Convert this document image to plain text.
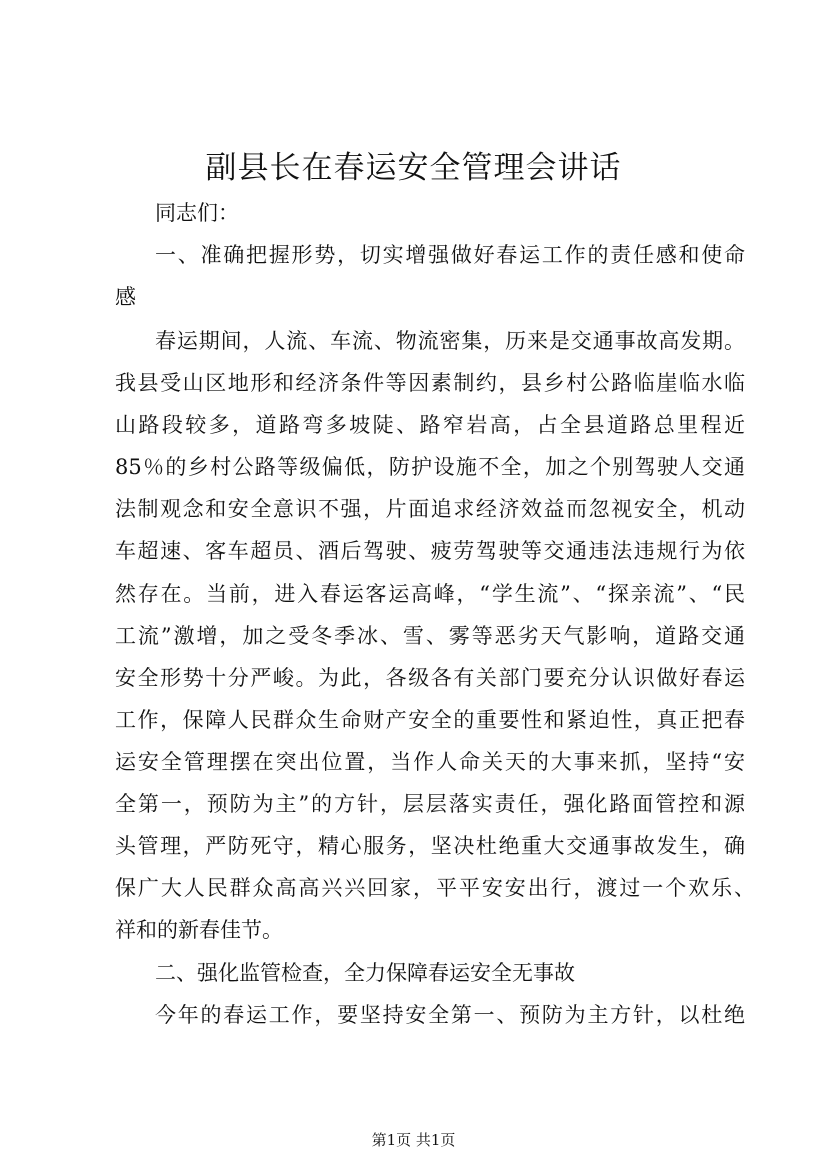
副县长在春运安全管理会讲话
同志们：
一、准确把握形势，切实增强做好春运工作的责任感和使命
感
春运期间，人流、车流、物流密集，历来是交通事故高发期。
我县受山区地形和经济条件等因素制约，县乡村公路临崖临水临
山路段较多，道路弯多坡陡、路窄岩高，占全县道路总里程近
85％的乡村公路等级偏低，防护设施不全，加之个别驾驶人交通
法制观念和安全意识不强，片面追求经济效益而忽视安全，机动
车超速、客车超员、酒后驾驶、疲劳驾驶等交通违法违规行为依
然存在。当前，进入春运客运高峰，“学生流”、“探亲流”、“民
工流”激增，加之受冬季冰、雪、雾等恶劣天气影响，道路交通
安全形势十分严峻。为此，各级各有关部门要充分认识做好春运
工作，保障人民群众生命财产安全的重要性和紧迫性，真正把春
运安全管理摆在突出位置，当作人命关天的大事来抓，坚持“安
全第一，预防为主”的方针，层层落实责任，强化路面管控和源
头管理，严防死守，精心服务，坚决杜绝重大交通事故发生，确
保广大人民群众高高兴兴回家，平平安安出行，渡过一个欢乐、
祥和的新春佳节。
二、强化监管检查，全力保障春运安全无事故
今年的春运工作，要坚持安全第一、预防为主方针，以杜绝
第1页 共1页
